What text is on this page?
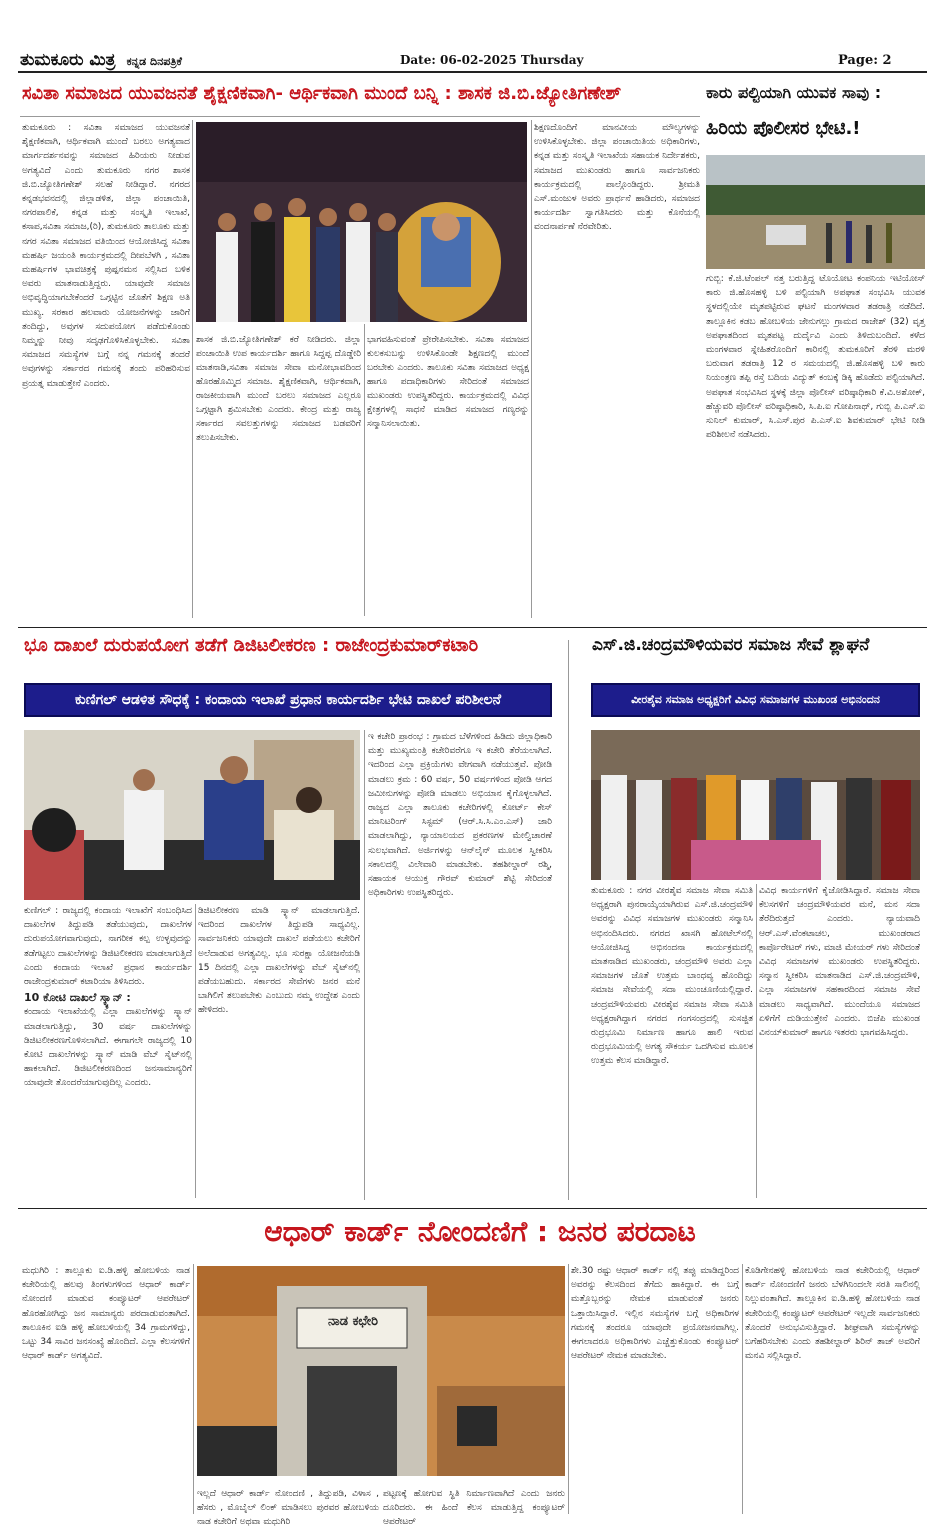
ತುಮಕೂರು ಮಿತ್ರ ಕನ್ನಡ ದಿನಪತ್ರಿಕೆ	Date: 06-02-2025 Thursday	Page: 2
ಸವಿತಾ ಸಮಾಜದ ಯುವಜನತೆ ಶೈಕ್ಷಣಿಕವಾಗಿ- ಆರ್ಥಿಕವಾಗಿ ಮುಂದೆ ಬನ್ನಿ : ಶಾಸಕ ಜಿ.ಬಿ.ಜ್ಯೋತಿಗಣೇಶ್

ತುಮಕೂರು : ಸವಿತಾ ಸಮಾಜದ ಯುವಜನತೆ ಶೈಕ್ಷಣಿಕವಾಗಿ, ಆರ್ಥಿಕವಾಗಿ ಮುಂದೆ ಬರಲು ಅಗತ್ಯವಾದ ಮಾರ್ಗದರ್ಶನವನ್ನು ಸಮಾಜದ ಹಿರಿಯರು ನೀಡುವ ಅಗತ್ಯವಿದೆ ಎಂದು ತುಮಕೂರು ನಗರ ಶಾಸಕ ಜಿ.ಬಿ.ಜ್ಯೋತಿಗಣೇಶ್ ಸಲಹೆ ನೀಡಿದ್ದಾರೆ. ನಗರದ ಕನ್ನಡಭವನದಲ್ಲಿ ಜಿಲ್ಲಾಡಳಿತ, ಜಿಲ್ಲಾ ಪಂಚಾಯಿತಿ, ನಗರಪಾಲಿಕೆ, ಕನ್ನಡ ಮತ್ತು ಸಂಸ್ಕೃತಿ ಇಲಾಖೆ, ಕಸಾಪ,ಸವಿತಾ ಸಮಾಜ,(ರಿ), ತುಮಕೂರು ತಾಲೂಕು ಮತ್ತು ನಗರ ಸವಿತಾ ಸಮಾಜದ ವತಿಯಿಂದ ಆಯೋಜಿಸಿದ್ದ ಸವಿತಾ ಮಹರ್ಷಿ ಜಯಂತಿ ಕಾರ್ಯಕ್ರಮದಲ್ಲಿ ದೀಪಬೆಳಗಿ , ಸವಿತಾ ಮಹರ್ಷಿಗಳ ಭಾವಚಿತ್ರಕ್ಕೆ ಪುಷ್ಪನಮನ ಸಲ್ಲಿಸಿದ ಬಳಿಕ ಅವರು ಮಾತನಾಡುತ್ತಿದ್ದರು. ಯಾವುದೇ ಸಮಾಜ ಅಭಿವೃದ್ಧಿಯಾಗಬೇಕೆಂದರೆ ಒಗ್ಗಟ್ಟಿನ ಜೊತೆಗೆ ಶಿಕ್ಷಣ ಅತಿ ಮುಖ್ಯ. ಸರಕಾರ ಹಲವಾರು ಯೋಜನೆಗಳನ್ನು ಜಾರಿಗೆ ತಂದಿದ್ದು, ಅವುಗಳ ಸದುಪಯೋಗ ಪಡೆದುಕೊಂಡು ನಿಮ್ಮನ್ನು ನೀವು ಸದೃಢಗೊಳಿಸಿಕೊಳ್ಳಬೇಕು. ಸವಿತಾ ಸಮಾಜದ ಸಮಸ್ಯೆಗಳ ಬಗ್ಗೆ ನನ್ನ ಗಮನಕ್ಕೆ ತಂದರೆ ಅವುಗಳನ್ನು ಸರ್ಕಾರದ ಗಮನಕ್ಕೆ ತಂದು ಪರಿಹರಿಸುವ ಪ್ರಯತ್ನ ಮಾಡುತ್ತೇನೆ ಎಂದರು.

ಶಾಸಕ ಜಿ.ಬಿ.ಜ್ಯೋತಿಗಣೇಶ್ ಕರೆ ನೀಡಿದರು. ಜಿಲ್ಲಾ ಪಂಚಾಯಿತಿ ಉಪ ಕಾರ್ಯದರ್ಶಿ ಹಾಗೂ ಸಿದ್ದಪ್ಪ ದೊಡ್ಡೇರಿ ಮಾತನಾಡಿ,ಸವಿತಾ ಸಮಾಜ ಸೇವಾ ಮನೋಭಾವದಿಂದ ಹೊರಹೊಮ್ಮಿದ ಸಮಾಜ. ಶೈಕ್ಷಣಿಕವಾಗಿ, ಆರ್ಥಿಕವಾಗಿ, ರಾಜಕೀಯವಾಗಿ ಮುಂದೆ ಬರಲು ಸಮಾಜದ ಎಲ್ಲರೂ ಒಗ್ಗಟ್ಟಾಗಿ ಶ್ರಮಿಸಬೇಕು ಎಂದರು. ಕೇಂದ್ರ ಮತ್ತು ರಾಜ್ಯ ಸರ್ಕಾರದ ಸವಲತ್ತುಗಳನ್ನು ಸಮಾಜದ ಬಡವರಿಗೆ ತಲುಪಿಸಬೇಕು.

ಭಾಗವಹಿಸುವಂತೆ ಪ್ರೇರೇಪಿಸಬೇಕು. ಸವಿತಾ ಸಮಾಜದ ಕುಲಕಸುಬನ್ನು ಉಳಿಸಿಕೊಂಡೇ ಶಿಕ್ಷಣದಲ್ಲಿ ಮುಂದೆ ಬರಬೇಕು ಎಂದರು. ತಾಲೂಕು ಸವಿತಾ ಸಮಾಜದ ಅಧ್ಯಕ್ಷ ಹಾಗೂ ಪದಾಧಿಕಾರಿಗಳು ಸೇರಿದಂತೆ ಸಮಾಜದ ಮುಖಂಡರು ಉಪಸ್ಥಿತರಿದ್ದರು. ಕಾರ್ಯಕ್ರಮದಲ್ಲಿ ವಿವಿಧ ಕ್ಷೇತ್ರಗಳಲ್ಲಿ ಸಾಧನೆ ಮಾಡಿದ ಸಮಾಜದ ಗಣ್ಯರನ್ನು ಸನ್ಮಾನಿಸಲಾಯಿತು.

ಶಿಕ್ಷಣದೊಂದಿಗೆ ಮಾನವೀಯ ಮೌಲ್ಯಗಳನ್ನು ಉಳಿಸಿಕೊಳ್ಳಬೇಕು. ಜಿಲ್ಲಾ ಪಂಚಾಯಿತಿಯ ಅಧಿಕಾರಿಗಳು, ಕನ್ನಡ ಮತ್ತು ಸಂಸ್ಕೃತಿ ಇಲಾಖೆಯ ಸಹಾಯಕ ನಿರ್ದೇಶಕರು, ಸಮಾಜದ ಮುಖಂಡರು ಹಾಗೂ ಸಾರ್ವಜನಿಕರು ಕಾರ್ಯಕ್ರಮದಲ್ಲಿ ಪಾಲ್ಗೊಂಡಿದ್ದರು. ಶ್ರೀಮತಿ ಎಸ್.ಮಂಜುಳ ಅವರು ಪ್ರಾರ್ಥನೆ ಹಾಡಿದರು, ಸಮಾಜದ ಕಾರ್ಯದರ್ಶಿ ಸ್ವಾಗತಿಸಿದರು ಮತ್ತು ಕೊನೆಯಲ್ಲಿ ವಂದನಾರ್ಪಣೆ ನೆರವೇರಿತು.

ಕಾರು ಪಲ್ಟಿಯಾಗಿ ಯುವಕ ಸಾವು :
ಹಿರಿಯ ಪೊಲೀಸರ ಭೇಟಿ.!

ಗುಬ್ಬಿ: ಕೆ.ಜಿ.ಟೆಂಪಲ್ ನತ್ತ ಬರುತ್ತಿದ್ದ ಟೊಯೋಟ ಕಂಪನಿಯ ಇಟಿಯೋಸ್ ಕಾರು ಜಿ.ಹೊಸಹಳ್ಳಿ ಬಳಿ ಪಲ್ಟಿಯಾಗಿ ಅಪಘಾತ ಸಂಭವಿಸಿ ಯುವಕ ಸ್ಥಳದಲ್ಲಿಯೇ ಮೃತಪಟ್ಟಿರುವ ಘಟನೆ ಮಂಗಳವಾರ ತಡರಾತ್ರಿ ನಡೆದಿದೆ. ತಾಲ್ಲೂಕಿನ ಕಡಬ ಹೋಬಳಿಯ ಜೇನುಗಲ್ಲು ಗ್ರಾಮದ ರಾಜೇಶ್ (32) ವೃತ್ತ ಅಪಘಾತದಿಂದ ಮೃತಪಟ್ಟ ದುರ್ದೈವಿ ಎಂದು ತಿಳಿದುಬಂದಿದೆ. ಕಳೆದ ಮಂಗಳವಾರ ಸ್ನೇಹಿತರೊಂದಿಗೆ ಕಾರಿನಲ್ಲಿ ತುಮಕೂರಿಗೆ ತೆರಳಿ ಮರಳಿ ಬರುವಾಗ ತಡರಾತ್ರಿ 12 ರ ಸಮಯದಲ್ಲಿ ಜಿ.ಹೊಸಹಳ್ಳಿ ಬಳಿ ಕಾರು ನಿಯಂತ್ರಣ ತಪ್ಪಿ ರಸ್ತೆ ಬದಿಯ ವಿದ್ಯುತ್ ಕಂಬಕ್ಕೆ ಡಿಕ್ಕಿ ಹೊಡೆದು ಪಲ್ಟಿಯಾಗಿದೆ. ಅಪಘಾತ ಸಂಭವಿಸಿದ ಸ್ಥಳಕ್ಕೆ ಜಿಲ್ಲಾ ಪೊಲೀಸ್ ವರಿಷ್ಠಾಧಿಕಾರಿ ಕೆ.ವಿ.ಅಶೋಕ್, ಹೆಚ್ಚುವರಿ ಪೊಲೀಸ್ ವರಿಷ್ಠಾಧಿಕಾರಿ, ಸಿ.ಪಿ.ಐ ಗೋಪಿನಾಥ್, ಗುಬ್ಬಿ ಪಿ.ಎಸ್.ಐ ಸುನಿಲ್ ಕುಮಾರ್, ಸಿ.ಎಸ್.ಪುರ ಪಿ.ಎಸ್.ಐ ಶಿವಕುಮಾರ್ ಭೇಟಿ ನೀಡಿ ಪರಿಶೀಲನೆ ನಡೆಸಿದರು.

ಭೂ ದಾಖಲೆ ದುರುಪಯೋಗ ತಡೆಗೆ ಡಿಜಿಟಲೀಕರಣ : ರಾಜೇಂದ್ರಕುಮಾರ್‌ಕಟಾರಿ	ಎಸ್.ಜಿ.ಚಂದ್ರಮೌಳಿಯವರ ಸಮಾಜ ಸೇವೆ ಶ್ಲಾಘನೆ
ಕುಣಿಗಲ್ ಆಡಳಿತ ಸೌಧಕ್ಕೆ : ಕಂದಾಯ ಇಲಾಖೆ ಪ್ರಧಾನ ಕಾರ್ಯದರ್ಶಿ ಭೇಟಿ ದಾಖಲೆ ಪರಿಶೀಲನೆ	ವೀರಶೈವ ಸಮಾಜ ಅಧ್ಯಕ್ಷರಿಗೆ ವಿವಿಧ ಸಮಾಜಗಳ ಮುಖಂಡ ಅಭಿನಂದನ

ಇ ಕಚೇರಿ ಪ್ರಾರಂಭ : ಗ್ರಾಮದ ಬೆಳೆಗಳಿಂದ ಹಿಡಿದು ಜಿಲ್ಲಾಧಿಕಾರಿ ಮತ್ತು ಮುಖ್ಯಮಂತ್ರಿ ಕಚೇರಿವರೆಗೂ ಇ ಕಚೇರಿ ತೆರೆಯಲಾಗಿದೆ. ಇದರಿಂದ ಎಲ್ಲಾ ಪ್ರಕ್ರಿಯೆಗಳು ವೇಗವಾಗಿ ನಡೆಯುತ್ತವೆ. ಪೋಡಿ ಮಾಡಲು ಕ್ರಮ : 60 ವರ್ಷ, 50 ವರ್ಷಗಳಿಂದ ಪೋಡಿ ಆಗದ ಜಮೀನುಗಳನ್ನು ಪೋಡಿ ಮಾಡಲು ಅಭಿಯಾನ ಕೈಗೊಳ್ಳಲಾಗಿದೆ. ರಾಜ್ಯದ ಎಲ್ಲಾ ತಾಲೂಕು ಕಚೇರಿಗಳಲ್ಲಿ ಕೋರ್ಟ್ ಕೇಸ್ ಮಾನಿಟರಿಂಗ್ ಸಿಸ್ಟಮ್ (ಆರ್.ಸಿ.ಸಿ.ಎಂ.ಎಸ್) ಜಾರಿ ಮಾಡಲಾಗಿದ್ದು, ನ್ಯಾಯಾಲಯದ ಪ್ರಕರಣಗಳ ಮೇಲ್ವಿಚಾರಣೆ ಸುಲಭವಾಗಿದೆ. ಅರ್ಜಿಗಳನ್ನು ಆನ್‌ಲೈನ್ ಮೂಲಕ ಸ್ವೀಕರಿಸಿ ಸಕಾಲದಲ್ಲಿ ವಿಲೇವಾರಿ ಮಾಡಬೇಕು. ತಹಶೀಲ್ದಾರ್ ರಶ್ಮಿ, ಸಹಾಯಕ ಆಯುಕ್ತ ಗೌರವ್ ಕುಮಾರ್ ಶೆಟ್ಟಿ ಸೇರಿದಂತೆ ಅಧಿಕಾರಿಗಳು ಉಪಸ್ಥಿತರಿದ್ದರು.

ಕುಣಿಗಲ್ : ರಾಜ್ಯದಲ್ಲಿ ಕಂದಾಯ ಇಲಾಖೆಗೆ ಸಂಬಂಧಿಸಿದ ದಾಖಲೆಗಳ ತಿದ್ದುಪಡಿ ತಡೆಯುವುದು, ದಾಖಲೆಗಳ ದುರುಪಯೋಗವಾಗುವುದು, ನಾಗರೀಕ ಕಲ್ಪ ಉಳ್ಳವುದನ್ನು ತಡೆಗಟ್ಟಲು ದಾಖಲೆಗಳನ್ನು ಡಿಜಿಟಲೀಕರಣ ಮಾಡಲಾಗುತ್ತಿದೆ ಎಂದು ಕಂದಾಯ ಇಲಾಖೆ ಪ್ರಧಾನ ಕಾರ್ಯದರ್ಶಿ ರಾಜೇಂದ್ರಕುಮಾರ್ ಕಟಾರಿಯಾ ತಿಳಿಸಿದರು.

10 ಕೋಟಿ ದಾಖಲೆ ಸ್ಕ್ಯಾನ್ :

ಕಂದಾಯ ಇಲಾಖೆಯಲ್ಲಿ ಎಲ್ಲಾ ದಾಖಲೆಗಳನ್ನು ಸ್ಕ್ಯಾನ್ ಮಾಡಲಾಗುತ್ತಿದ್ದು, 30 ವರ್ಷ ದಾಖಲೆಗಳನ್ನು ಡಿಜಿಟಲೀಕರಣಗೊಳಿಸಲಾಗಿದೆ. ಈಗಾಗಲೇ ರಾಜ್ಯದಲ್ಲಿ 10 ಕೋಟಿ ದಾಖಲೆಗಳನ್ನು ಸ್ಕ್ಯಾನ್ ಮಾಡಿ ವೆಬ್ ಸೈಟ್‌ನಲ್ಲಿ ಹಾಕಲಾಗಿದೆ. ಡಿಜಿಟಲೀಕರಣದಿಂದ ಜನಸಾಮಾನ್ಯರಿಗೆ ಯಾವುದೇ ತೊಂದರೆಯಾಗುವುದಿಲ್ಲ ಎಂದರು.

ಡಿಜಿಟಲೀಕರಣ ಮಾಡಿ ಸ್ಕ್ಯಾನ್ ಮಾಡಲಾಗುತ್ತಿದೆ. ಇದರಿಂದ ದಾಖಲೆಗಳ ತಿದ್ದುಪಡಿ ಸಾಧ್ಯವಿಲ್ಲ. ಸಾರ್ವಜನಿಕರು ಯಾವುದೇ ದಾಖಲೆ ಪಡೆಯಲು ಕಚೇರಿಗೆ ಅಲೆದಾಡುವ ಅಗತ್ಯವಿಲ್ಲ. ಭೂ ಸುರಕ್ಷಾ ಯೋಜನೆಯಡಿ 15 ದಿನದಲ್ಲಿ ಎಲ್ಲಾ ದಾಖಲೆಗಳನ್ನು ವೆಬ್ ಸೈಟ್‌ನಲ್ಲಿ ಪಡೆಯಬಹುದು. ಸರ್ಕಾರದ ಸೇವೆಗಳು ಜನರ ಮನೆ ಬಾಗಿಲಿಗೆ ತಲುಪಬೇಕು ಎಂಬುದು ನಮ್ಮ ಉದ್ದೇಶ ಎಂದು ಹೇಳಿದರು.

ತುಮಕೂರು : ನಗರ ವೀರಶೈವ ಸಮಾಜ ಸೇವಾ ಸಮಿತಿ ಅಧ್ಯಕ್ಷರಾಗಿ ಪುನರಾಯ್ಕೆಯಾಗಿರುವ ಎಸ್.ಜಿ.ಚಂದ್ರಮೌಳಿ ಅವರನ್ನು ವಿವಿಧ ಸಮಾಜಗಳ ಮುಖಂಡರು ಸನ್ಮಾನಿಸಿ ಅಭಿನಂದಿಸಿದರು. ನಗರದ ಖಾಸಗಿ ಹೋಟೆಲ್‌ನಲ್ಲಿ ಆಯೋಜಿಸಿದ್ದ ಅಭಿನಂದನಾ ಕಾರ್ಯಕ್ರಮದಲ್ಲಿ ಮಾತನಾಡಿದ ಮುಖಂಡರು, ಚಂದ್ರಮೌಳಿ ಅವರು ಎಲ್ಲಾ ಸಮಾಜಗಳ ಜೊತೆ ಉತ್ತಮ ಬಾಂಧವ್ಯ ಹೊಂದಿದ್ದು ಸಮಾಜ ಸೇವೆಯಲ್ಲಿ ಸದಾ ಮುಂಚೂಣಿಯಲ್ಲಿದ್ದಾರೆ. ಚಂದ್ರಮೌಳಿಯವರು ವೀರಶೈವ ಸಮಾಜ ಸೇವಾ ಸಮಿತಿ ಅಧ್ಯಕ್ಷರಾಗಿದ್ದಾಗ ನಗರದ ಗಂಗಸಂದ್ರದಲ್ಲಿ ಸುಸಜ್ಜಿತ ರುದ್ರಭೂಮಿ ನಿರ್ಮಾಣ ಹಾಗೂ ಹಾಲಿ ಇರುವ ರುದ್ರಭೂಮಿಯಲ್ಲಿ ಅಗತ್ಯ ಸೌಕರ್ಯ ಒದಗಿಸುವ ಮೂಲಕ ಉತ್ತಮ ಕೆಲಸ ಮಾಡಿದ್ದಾರೆ.

ವಿವಿಧ ಕಾರ್ಯಗಳಿಗೆ ಕೈಜೋಡಿಸಿದ್ದಾರೆ. ಸಮಾಜ ಸೇವಾ ಕೆಲಸಗಳಿಗೆ ಚಂದ್ರಮೌಳಿಯವರ ಮನೆ, ಮನ ಸದಾ ತೆರೆದಿರುತ್ತದೆ ಎಂದರು. ನ್ಯಾಯವಾದಿ ಆರ್.ಎಸ್.ವೆಂಕಟಾಚಲ, ಮುಖಂಡರಾದ ಕಾರ್ಪೊರೇಟರ್ ಗಳು, ಮಾಜಿ ಮೇಯರ್ ಗಳು ಸೇರಿದಂತೆ ವಿವಿಧ ಸಮಾಜಗಳ ಮುಖಂಡರು ಉಪಸ್ಥಿತರಿದ್ದರು. ಸನ್ಮಾನ ಸ್ವೀಕರಿಸಿ ಮಾತನಾಡಿದ ಎಸ್.ಜಿ.ಚಂದ್ರಮೌಳಿ, ಎಲ್ಲಾ ಸಮಾಜಗಳ ಸಹಕಾರದಿಂದ ಸಮಾಜ ಸೇವೆ ಮಾಡಲು ಸಾಧ್ಯವಾಗಿದೆ. ಮುಂದೆಯೂ ಸಮಾಜದ ಏಳಿಗೆಗೆ ದುಡಿಯುತ್ತೇನೆ ಎಂದರು. ಬಿಜೆಪಿ ಮುಖಂಡ ವಿನಯ್‌ಕುಮಾರ್ ಹಾಗೂ ಇತರರು ಭಾಗವಹಿಸಿದ್ದರು.

ಆಧಾರ್ ಕಾರ್ಡ್ ನೋಂದಣಿಗೆ : ಜನರ ಪರದಾಟ

ಮಧುಗಿರಿ : ತಾಲ್ಲೂಕು ಐ.ಡಿ.ಹಳ್ಳಿ ಹೋಬಳಿಯ ನಾಡ ಕಚೇರಿಯಲ್ಲಿ ಹಲವು ತಿಂಗಳುಗಳಿಂದ ಆಧಾರ್ ಕಾರ್ಡ್ ನೋಂದಣಿ ಮಾಡುವ ಕಂಪ್ಯೂಟರ್ ಆಪರೇಟರ್ ಹೊರಹೋಗಿದ್ದು ಜನ ಸಾಮಾನ್ಯರು ಪರದಾಡುವಂತಾಗಿದೆ. ತಾಲೂಕಿನ ಐಡಿ ಹಳ್ಳಿ ಹೋಬಳಿಯಲ್ಲಿ 34 ಗ್ರಾಮಗಳಿದ್ದು, ಒಟ್ಟು 34 ಸಾವಿರ ಜನಸಂಖ್ಯೆ ಹೊಂದಿದೆ. ಎಲ್ಲಾ ಕೆಲಸಗಳಿಗೆ ಆಧಾರ್ ಕಾರ್ಡ್ ಅಗತ್ಯವಿದೆ.

ನಾಡ ಕಛೇರಿ

ಇಲ್ಲದೆ ಆಧಾರ್ ಕಾರ್ಡ್ ನೋಂದಣಿ , ತಿದ್ದುಪಡಿ, ವಿಳಾಸ , ಹೆಸರು , ಮೊಬೈಲ್ ಲಿಂಕ್ ಮಾಡಿಸಲು ಪುರವರ ಹೋಬಳಿಯ ನಾಡ ಕಚೇರಿಗೆ ಅಥವಾ ಮಧುಗಿರಿ

ಪಟ್ಟಣಕ್ಕೆ ಹೋಗುವ ಸ್ಥಿತಿ ನಿರ್ಮಾಣವಾಗಿದೆ ಎಂದು ಜನರು ದೂರಿದರು. ಈ ಹಿಂದೆ ಕೆಲಸ ಮಾಡುತ್ತಿದ್ದ ಕಂಪ್ಯೂಟರ್ ಆಪರೇಟರ್

ಶೇ.30 ರಷ್ಟು ಆಧಾರ್ ಕಾರ್ಡ್ ನಲ್ಲಿ ತಪ್ಪು ಮಾಡಿದ್ದರಿಂದ ಅವರನ್ನು ಕೆಲಸದಿಂದ ತೆಗೆದು ಹಾಕಿದ್ದಾರೆ. ಈ ಬಗ್ಗೆ ಮತ್ತೊಬ್ಬರನ್ನು ನೇಮಕ ಮಾಡುವಂತೆ ಜನರು ಒತ್ತಾಯಿಸಿದ್ದಾರೆ. ಇಲ್ಲಿನ ಸಮಸ್ಯೆಗಳ ಬಗ್ಗೆ ಅಧಿಕಾರಿಗಳ ಗಮನಕ್ಕೆ ತಂದರೂ ಯಾವುದೇ ಪ್ರಯೋಜನವಾಗಿಲ್ಲ. ಈಗಲಾದರೂ ಅಧಿಕಾರಿಗಳು ಎಚ್ಚೆತ್ತುಕೊಂಡು ಕಂಪ್ಯೂಟರ್ ಆಪರೇಟರ್ ನೇಮಕ ಮಾಡಬೇಕು.

ಕೊಡಿಗೇನಹಳ್ಳಿ ಹೋಬಳಿಯ ನಾಡ ಕಚೇರಿಯಲ್ಲಿ ಆಧಾರ್ ಕಾರ್ಡ್ ನೋಂದಣಿಗೆ ಜನರು ಬೆಳಗಿನಿಂದಲೇ ಸರತಿ ಸಾಲಿನಲ್ಲಿ ನಿಲ್ಲುವಂತಾಗಿದೆ. ತಾಲ್ಲೂಕಿನ ಐ.ಡಿ.ಹಳ್ಳಿ ಹೋಬಳಿಯ ನಾಡ ಕಚೇರಿಯಲ್ಲಿ ಕಂಪ್ಯೂಟರ್ ಆಪರೇಟರ್ ಇಲ್ಲದೇ ಸಾರ್ವಜನಿಕರು ತೊಂದರೆ ಅನುಭವಿಸುತ್ತಿದ್ದಾರೆ. ಶೀಘ್ರವಾಗಿ ಸಮಸ್ಯೆಗಳನ್ನು ಬಗೆಹರಿಸಬೇಕು ಎಂದು ತಹಶೀಲ್ದಾರ್ ಶಿರಿನ್ ತಾಜ್ ಅವರಿಗೆ ಮನವಿ ಸಲ್ಲಿಸಿದ್ದಾರೆ.
